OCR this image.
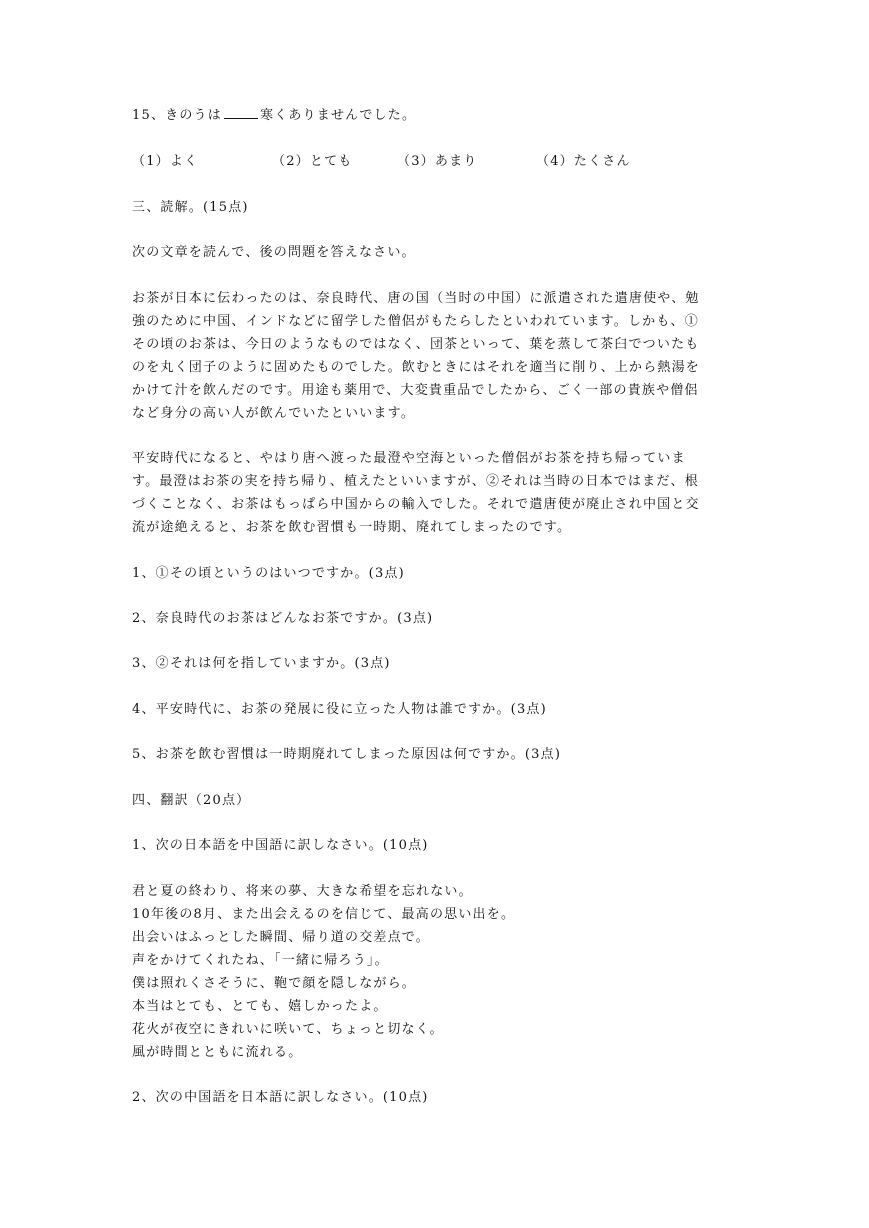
15、きのうは	寒くありませんでした。
（1）よく	（2）とても	（3）あまり	（4）たくさん
三、読解。(15点)
次の文章を読んで、後の問題を答えなさい。
お茶が日本に伝わったのは、奈良時代、唐の国（当时の中国）に派遣された遣唐使や、勉
強のために中国、インドなどに留学した僧侶がもたらしたといわれています。しかも、①
その頃のお茶は、今日のようなものではなく、団茶といって、葉を蒸して茶臼でついたも
のを丸く団子のように固めたものでした。飲むときにはそれを適当に削り、上から熱湯を
かけて汁を飲んだのです。用途も薬用で、大変貴重品でしたから、ごく一部の貴族や僧侶
など身分の高い人が飲んでいたといいます。
平安時代になると、やはり唐へ渡った最澄や空海といった僧侶がお茶を持ち帰っていま
す。最澄はお茶の実を持ち帰り、植えたといいますが、②それは当時の日本ではまだ、根
づくことなく、お茶はもっぱら中国からの輸入でした。それで遣唐使が廃止され中国と交
流が途絶えると、お茶を飲む習慣も一時期、廃れてしまったのです。
1、①その頃というのはいつですか。(3点)
2、奈良時代のお茶はどんなお茶ですか。(3点)
3、②それは何を指していますか。(3点)
4、平安時代に、お茶の発展に役に立った人物は誰ですか。(3点)
5、お茶を飲む習慣は一時期廃れてしまった原因は何ですか。(3点)
四、翻訳（20点）
1、次の日本語を中国語に訳しなさい。(10点)
君と夏の終わり、将来の夢、大きな希望を忘れない。
10年後の8月、また出会えるのを信じて、最高の思い出を。
出会いはふっとした瞬間、帰り道の交差点で。
声をかけてくれたね、「一緒に帰ろう」。
僕は照れくさそうに、鞄で顔を隠しながら。
本当はとても、とても、嬉しかったよ。
花火が夜空にきれいに咲いて、ちょっと切なく。
風が時間とともに流れる。
2、次の中国語を日本語に訳しなさい。(10点)
